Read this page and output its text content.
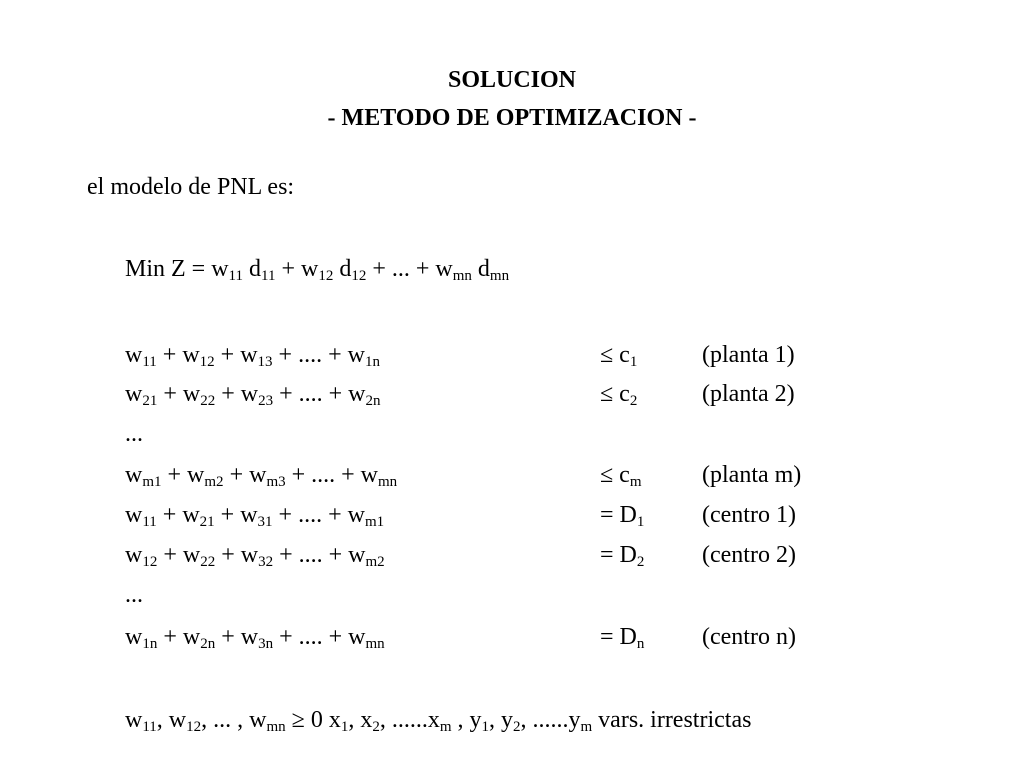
SOLUCION
- METODO DE OPTIMIZACION -
el modelo de PNL es:
Min $Z = w_{11}$ $d_{11} + w_{12}$ $d_{12}$ + ... + $w_{mn}$ $d_{mn}$
$w_{11} + w_{12} + w_{13}$ + .... + $w_{1n}$	≤ $c_1$	(planta 1)
$w_{21} + w_{22} + w_{23}$ + .... + $w_{2n}$	≤ $c_2$	(planta 2)
...
$w_{m1} + w_{m2} + w_{m3}$ + .... + $w_{mn}$	≤ $c_m$	(planta m)
$w_{11} + w_{21} + w_{31}$ + .... + $w_{m1}$	= $D_1$ (centro 1)
$w_{12} + w_{22} + w_{32}$ + .... + $w_{m2}$	= $D_2$ (centro 2)
...
$w_{1n} + w_{2n} + w_{3n}$ + .... + $w_{mn}$	= $D_n$ (centro n)
$w_{11}$, $w_{12}$, ... , $w_{mn} \ge 0$ $x_1$, $x_2$, $......x_m$ , $y_1$, $y_2$, $......y_m$ vars. irrestrictas
